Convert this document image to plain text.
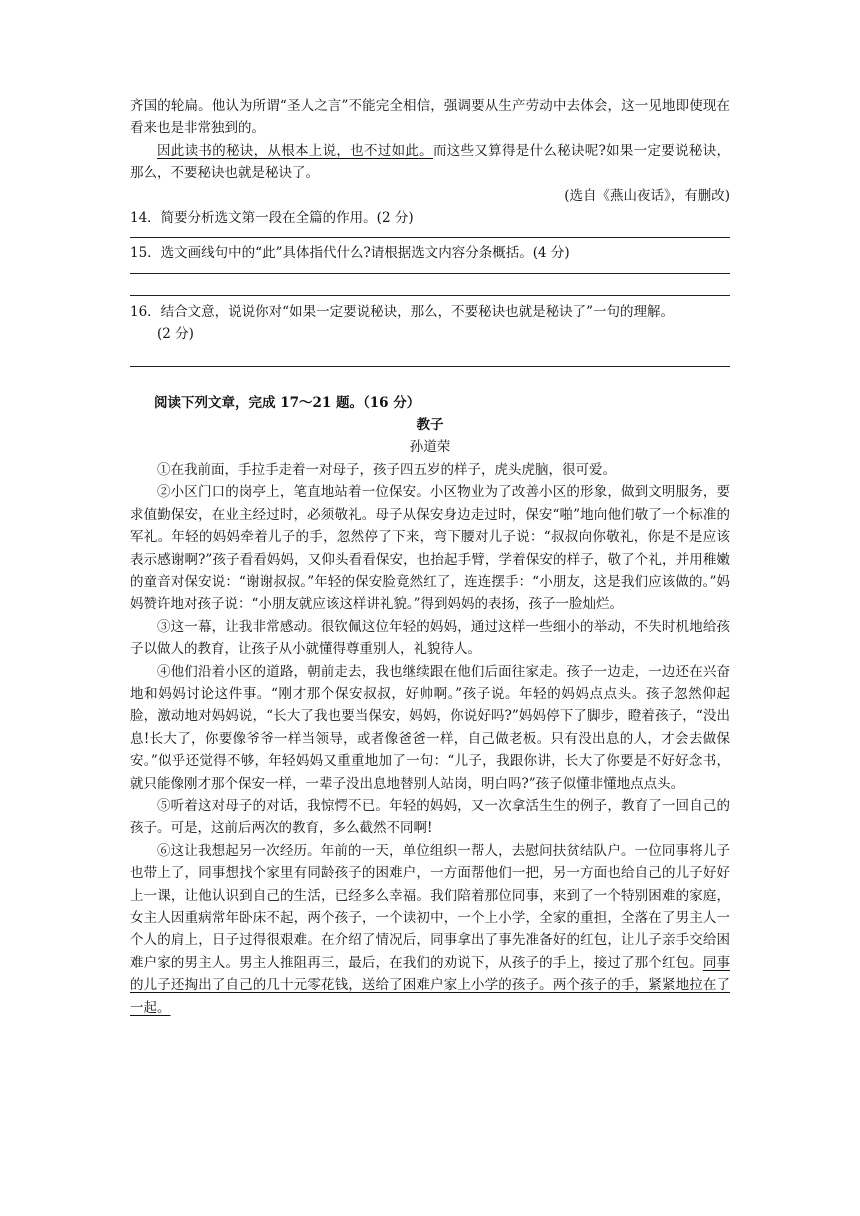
齐国的轮扁。他认为所谓“圣人之言”不能完全相信，强调要从生产劳动中去体会，这一见地即使现在看来也是非常独到的。

因此读书的秘诀，从根本上说，也不过如此。而这些又算得是什么秘诀呢?如果一定要说秘诀，那么，不要秘诀也就是秘诀了。

(选自《燕山夜话》，有删改)

14．简要分析选文第一段在全篇的作用。(2 分)

15．选文画线句中的“此”具体指代什么?请根据选文内容分条概括。(4 分)

16．结合文意，说说你对“如果一定要说秘诀，那么，不要秘诀也就是秘诀了”一句的理解。
(2 分)

阅读下列文章，完成 17～21 题。（16 分）

教子

孙道荣

①在我前面，手拉手走着一对母子，孩子四五岁的样子，虎头虎脑，很可爱。

②小区门口的岗亭上，笔直地站着一位保安。小区物业为了改善小区的形象，做到文明服务，要求值勤保安，在业主经过时，必须敬礼。母子从保安身边走过时，保安“啪”地向他们敬了一个标准的军礼。年轻的妈妈牵着儿子的手，忽然停了下来，弯下腰对儿子说：“叔叔向你敬礼，你是不是应该表示感谢啊?”孩子看看妈妈，又仰头看看保安，也抬起手臂，学着保安的样子，敬了个礼，并用稚嫩的童音对保安说：“谢谢叔叔。”年轻的保安脸竟然红了，连连摆手：“小朋友，这是我们应该做的。”妈妈赞许地对孩子说：“小朋友就应该这样讲礼貌。”得到妈妈的表扬，孩子一脸灿烂。

③这一幕，让我非常感动。很钦佩这位年轻的妈妈，通过这样一些细小的举动，不失时机地给孩子以做人的教育，让孩子从小就懂得尊重别人，礼貌待人。

④他们沿着小区的道路，朝前走去，我也继续跟在他们后面往家走。孩子一边走，一边还在兴奋地和妈妈讨论这件事。“刚才那个保安叔叔，好帅啊。”孩子说。年轻的妈妈点点头。孩子忽然仰起脸，激动地对妈妈说，“长大了我也要当保安，妈妈，你说好吗?”妈妈停下了脚步，瞪着孩子，“没出息!长大了，你要像爷爷一样当领导，或者像爸爸一样，自己做老板。只有没出息的人，才会去做保安。”似乎还觉得不够，年轻妈妈又重重地加了一句：“儿子，我跟你讲，长大了你要是不好好念书，就只能像刚才那个保安一样，一辈子没出息地替别人站岗，明白吗?”孩子似懂非懂地点点头。

⑤听着这对母子的对话，我惊愕不已。年轻的妈妈，又一次拿活生生的例子，教育了一回自己的孩子。可是，这前后两次的教育，多么截然不同啊!

⑥这让我想起另一次经历。年前的一天，单位组织一帮人，去慰问扶贫结队户。一位同事将儿子也带上了，同事想找个家里有同龄孩子的困难户，一方面帮他们一把，另一方面也给自己的儿子好好上一课，让他认识到自己的生活，已经多么幸福。我们陪着那位同事，来到了一个特别困难的家庭，女主人因重病常年卧床不起，两个孩子，一个读初中，一个上小学，全家的重担，全落在了男主人一个人的肩上，日子过得很艰难。在介绍了情况后，同事拿出了事先准备好的红包，让儿子亲手交给困难户家的男主人。男主人推阻再三，最后，在我们的劝说下，从孩子的手上，接过了那个红包。同事的儿子还掏出了自己的几十元零花钱，送给了困难户家上小学的孩子。两个孩子的手，紧紧地拉在了一起。
